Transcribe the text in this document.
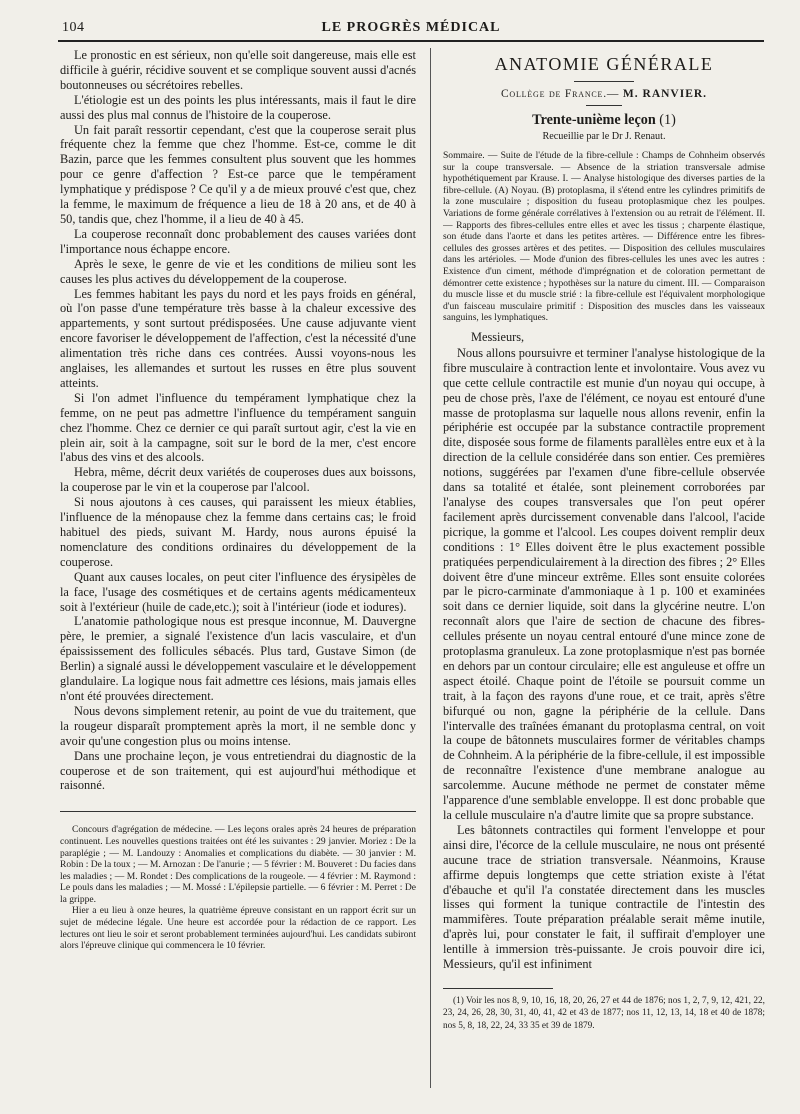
104	LE PROGRÈS MÉDICAL

Le pronostic en est sérieux, non qu'elle soit dangereuse, mais elle est difficile à guérir, récidive souvent et se complique souvent aussi d'acnés boutonneuses ou sécrétoires rebelles.

L'étiologie est un des points les plus intéressants, mais il faut le dire aussi des plus mal connus de l'histoire de la couperose.

Un fait paraît ressortir cependant, c'est que la couperose serait plus fréquente chez la femme que chez l'homme. Est-ce, comme le dit Bazin, parce que les femmes consultent plus souvent que les hommes pour ce genre d'affection ? Est-ce parce que le tempérament lymphatique y prédispose ? Ce qu'il y a de mieux prouvé c'est que, chez la femme, le maximum de fréquence a lieu de 18 à 20 ans, et de 40 à 50, tandis que, chez l'homme, il a lieu de 40 à 45.

La couperose reconnaît donc probablement des causes variées dont l'importance nous échappe encore.

Après le sexe, le genre de vie et les conditions de milieu sont les causes les plus actives du développement de la couperose.

Les femmes habitant les pays du nord et les pays froids en général, où l'on passe d'une température très basse à la chaleur excessive des appartements, y sont surtout prédisposées. Une cause adjuvante vient encore favoriser le développement de l'affection, c'est la nécessité d'une alimentation très riche dans ces contrées. Aussi voyons-nous les anglaises, les allemandes et surtout les russes en être plus souvent atteints.

Si l'on admet l'influence du tempérament lymphatique chez la femme, on ne peut pas admettre l'influence du tempérament sanguin chez l'homme. Chez ce dernier ce qui paraît surtout agir, c'est la vie en plein air, soit à la campagne, soit sur le bord de la mer, c'est encore l'abus des vins et des alcools.

Hebra, même, décrit deux variétés de couperoses dues aux boissons, la couperose par le vin et la couperose par l'alcool.

Si nous ajoutons à ces causes, qui paraissent les mieux établies, l'influence de la ménopause chez la femme dans certains cas; le froid habituel des pieds, suivant M. Hardy, nous aurons épuisé la nomenclature des conditions ordinaires du développement de la couperose.

Quant aux causes locales, on peut citer l'influence des érysipèles de la face, l'usage des cosmétiques et de certains agents médicamenteux soit à l'extérieur (huile de cade,etc.); soit à l'intérieur (iode et iodures).

L'anatomie pathologique nous est presque inconnue, M. Dauvergne père, le premier, a signalé l'existence d'un lacis vasculaire, et d'un épaississement des follicules sébacés. Plus tard, Gustave Simon (de Berlin) a signalé aussi le développement vasculaire et le développement glandulaire. La logique nous fait admettre ces lésions, mais jamais elles n'ont été prouvées directement.

Nous devons simplement retenir, au point de vue du traitement, que la rougeur disparaît promptement après la mort, il ne semble donc y avoir qu'une congestion plus ou moins intense.

Dans une prochaine leçon, je vous entretiendrai du diagnostic de la couperose et de son traitement, qui est aujourd'hui méthodique et raisonné.

Concours d'agrégation de médecine. — Les leçons orales après 24 heures de préparation continuent. Les nouvelles questions traitées ont été les suivantes : 29 janvier. Moriez : De la paraplégie ; — M. Landouzy : Anomalies et complications du diabète. — 30 janvier : M. Robin : De la toux ; — M. Arnozan : De l'anurie ; — 5 février : M. Bouveret : Du facies dans les maladies ; — M. Rondet : Des complications de la rougeole. — 4 février : M. Raymond : Le pouls dans les maladies ; — M. Mossé : L'épilepsie partielle. — 6 février : M. Perret : De la grippe.

Hier a eu lieu à onze heures, la quatrième épreuve consistant en un rapport écrit sur un sujet de médecine légale. Une heure est accordée pour la rédaction de ce rapport. Les lectures ont lieu le soir et seront probablement terminées aujourd'hui. Les candidats subiront alors l'épreuve clinique qui commencera le 10 février.

ANATOMIE GÉNÉRALE
Collège de France.— M. RANVIER.
Trente-unième leçon (1)
Recueillie par le Dr J. Renaut.

Sommaire. — Suite de l'étude de la fibre-cellule : Champs de Cohnheim observés sur la coupe transversale. — Absence de la striation transversale admise hypothétiquement par Krause. I. — Analyse histologique des diverses parties de la fibre-cellule. (A) Noyau. (B) protoplasma, il s'étend entre les cylindres primitifs de la zone musculaire ; disposition du fuseau protoplasmique chez les poulpes. Variations de forme générale corrélatives à l'extension ou au retrait de l'élément. II. — Rapports des fibres-cellules entre elles et avec les tissus ; charpente élastique, son étude dans l'aorte et dans les petites artères. — Différence entre les fibres-cellules des grosses artères et des petites. — Disposition des cellules musculaires dans les artérioles. — Mode d'union des fibres-cellules les unes avec les autres : Existence d'un ciment, méthode d'imprégnation et de coloration permettant de démontrer cette existence ; hypothèses sur la nature du ciment. III. — Comparaison du muscle lisse et du muscle strié : la fibre-cellule est l'équivalent morphologique d'un faisceau musculaire primitif : Disposition des muscles dans les vaisseaux sanguins, les lymphatiques.

Messieurs,

Nous allons poursuivre et terminer l'analyse histologique de la fibre musculaire à contraction lente et involontaire. Vous avez vu que cette cellule contractile est munie d'un noyau qui occupe, à peu de chose près, l'axe de l'élément, ce noyau est entouré d'une masse de protoplasma sur laquelle nous allons revenir, enfin la périphérie est occupée par la substance contractile proprement dite, disposée sous forme de filaments parallèles entre eux et à la direction de la cellule considérée dans son entier. Ces premières notions, suggérées par l'examen d'une fibre-cellule observée dans sa totalité et étalée, sont pleinement corroborées par l'analyse des coupes transversales que l'on peut opérer facilement après durcissement convenable dans l'alcool, l'acide picrique, la gomme et l'alcool. Les coupes doivent remplir deux conditions : 1° Elles doivent être le plus exactement possible pratiquées perpendiculairement à la direction des fibres ; 2° Elles doivent être d'une minceur extrême. Elles sont ensuite colorées par le picro-carminate d'ammoniaque à 1 p. 100 et examinées soit dans ce dernier liquide, soit dans la glycérine neutre. L'on reconnaît alors que l'aire de section de chacune des fibres-cellules présente un noyau central entouré d'une mince zone de protoplasma granuleux. La zone protoplasmique n'est pas bornée en dehors par un contour circulaire; elle est anguleuse et offre un aspect étoilé. Chaque point de l'étoile se poursuit comme un trait, à la façon des rayons d'une roue, et ce trait, après s'être bifurqué ou non, gagne la périphérie de la cellule. Dans l'intervalle des traînées émanant du protoplasma central, on voit la coupe de bâtonnets musculaires former de véritables champs de Cohnheim. A la périphérie de la fibre-cellule, il est impossible de reconnaître l'existence d'une membrane analogue au sarcolemme. Aucune méthode ne permet de constater même l'apparence d'une semblable enveloppe. Il est donc probable que la cellule musculaire n'a d'autre limite que sa propre substance.

Les bâtonnets contractiles qui forment l'enveloppe et pour ainsi dire, l'écorce de la cellule musculaire, ne nous ont présenté aucune trace de striation transversale. Néanmoins, Krause affirme depuis longtemps que cette striation existe à l'état d'ébauche et qu'il l'a constatée directement dans les muscles lisses qui forment la tunique contractile de l'intestin des mammifères. Toute préparation préalable serait même inutile, d'après lui, pour constater le fait, il suffirait d'employer une lentille à immersion très-puissante. Je crois pouvoir dire ici, Messieurs, qu'il est infiniment

(1) Voir les nos 8, 9, 10, 16, 18, 20, 26, 27 et 44 de 1876; nos 1, 2, 7, 9, 12, 421, 22, 23, 24, 26, 28, 30, 31, 40, 41, 42 et 43 de 1877; nos 11, 12, 13, 14, 18 et 40 de 1878; nos 5, 8, 18, 22, 24, 33 35 et 39 de 1879.
